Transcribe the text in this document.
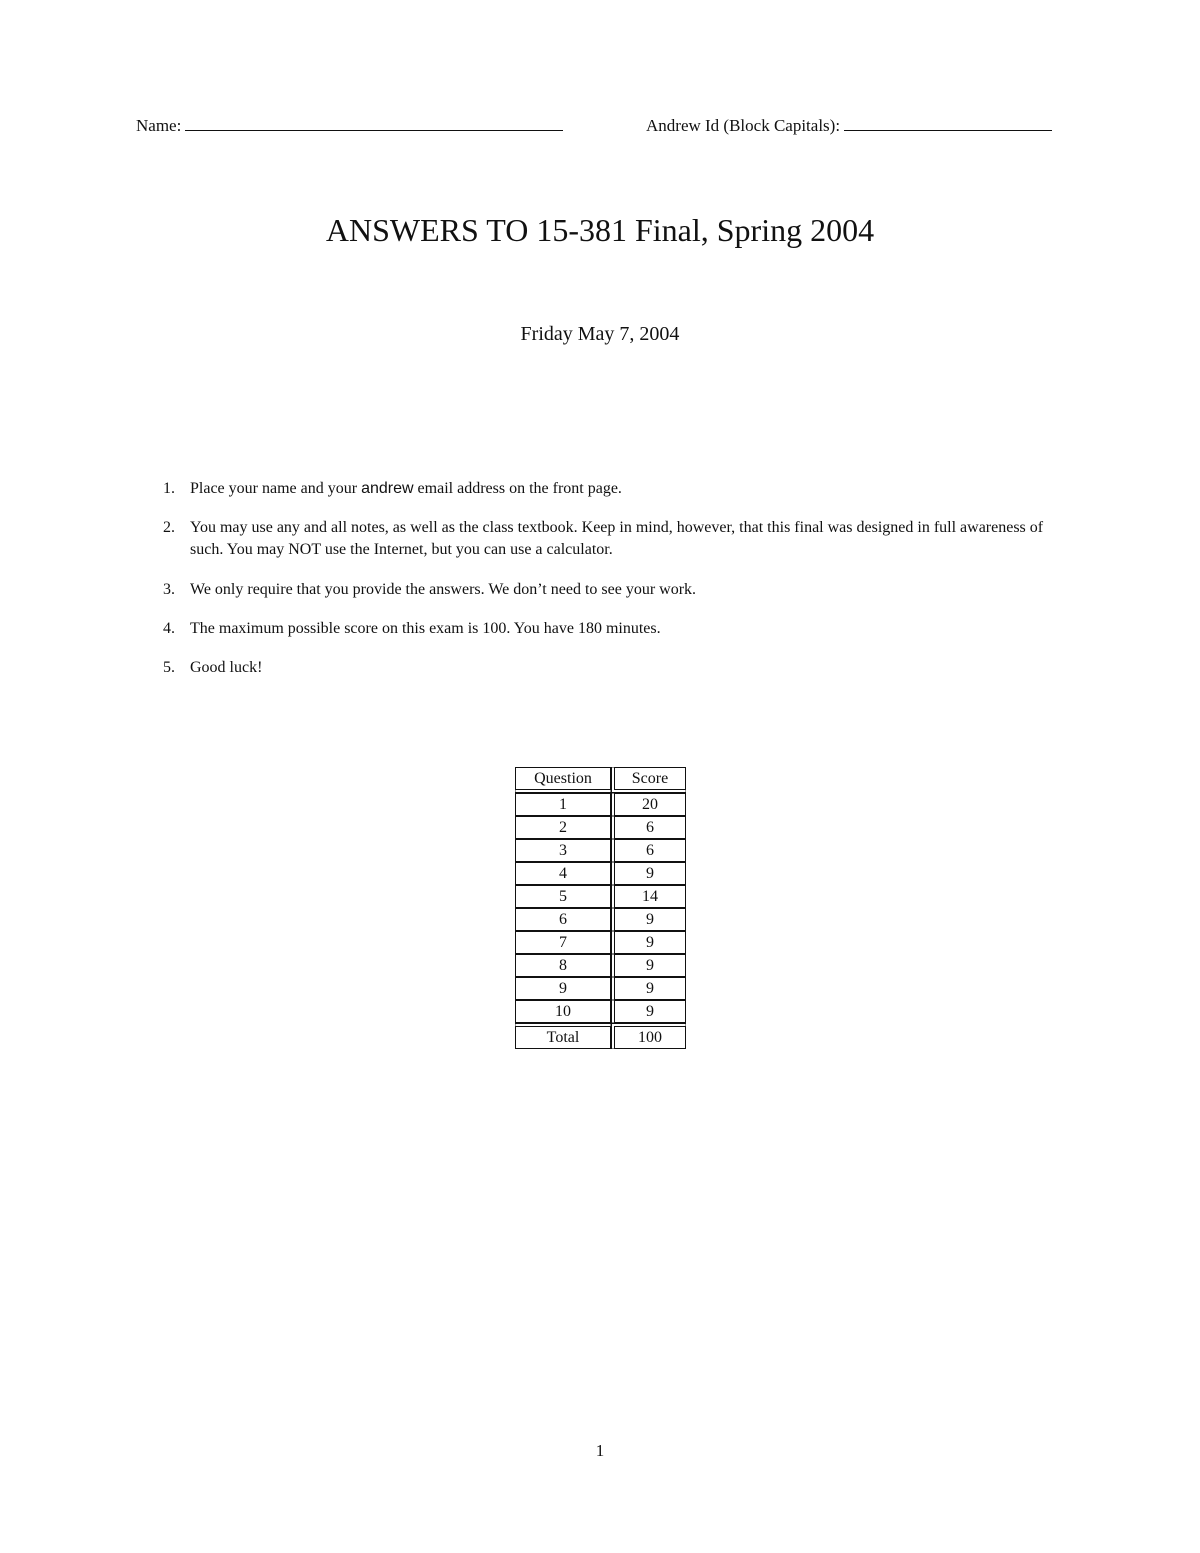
Name:	Andrew Id (Block Capitals):
ANSWERS TO 15-381 Final, Spring 2004
Friday May 7, 2004
1. Place your name and your andrew email address on the front page.
2. You may use any and all notes, as well as the class textbook. Keep in mind, however, that this final was designed in full awareness of such. You may NOT use the Internet, but you can use a calculator.
3. We only require that you provide the answers. We don’t need to see your work.
4. The maximum possible score on this exam is 100. You have 180 minutes.
5. Good luck!
Question	Score
1	20
2	6
3	6
4	9
5	14
6	9
7	9
8	9
9	9
10	9
Total	100
1
